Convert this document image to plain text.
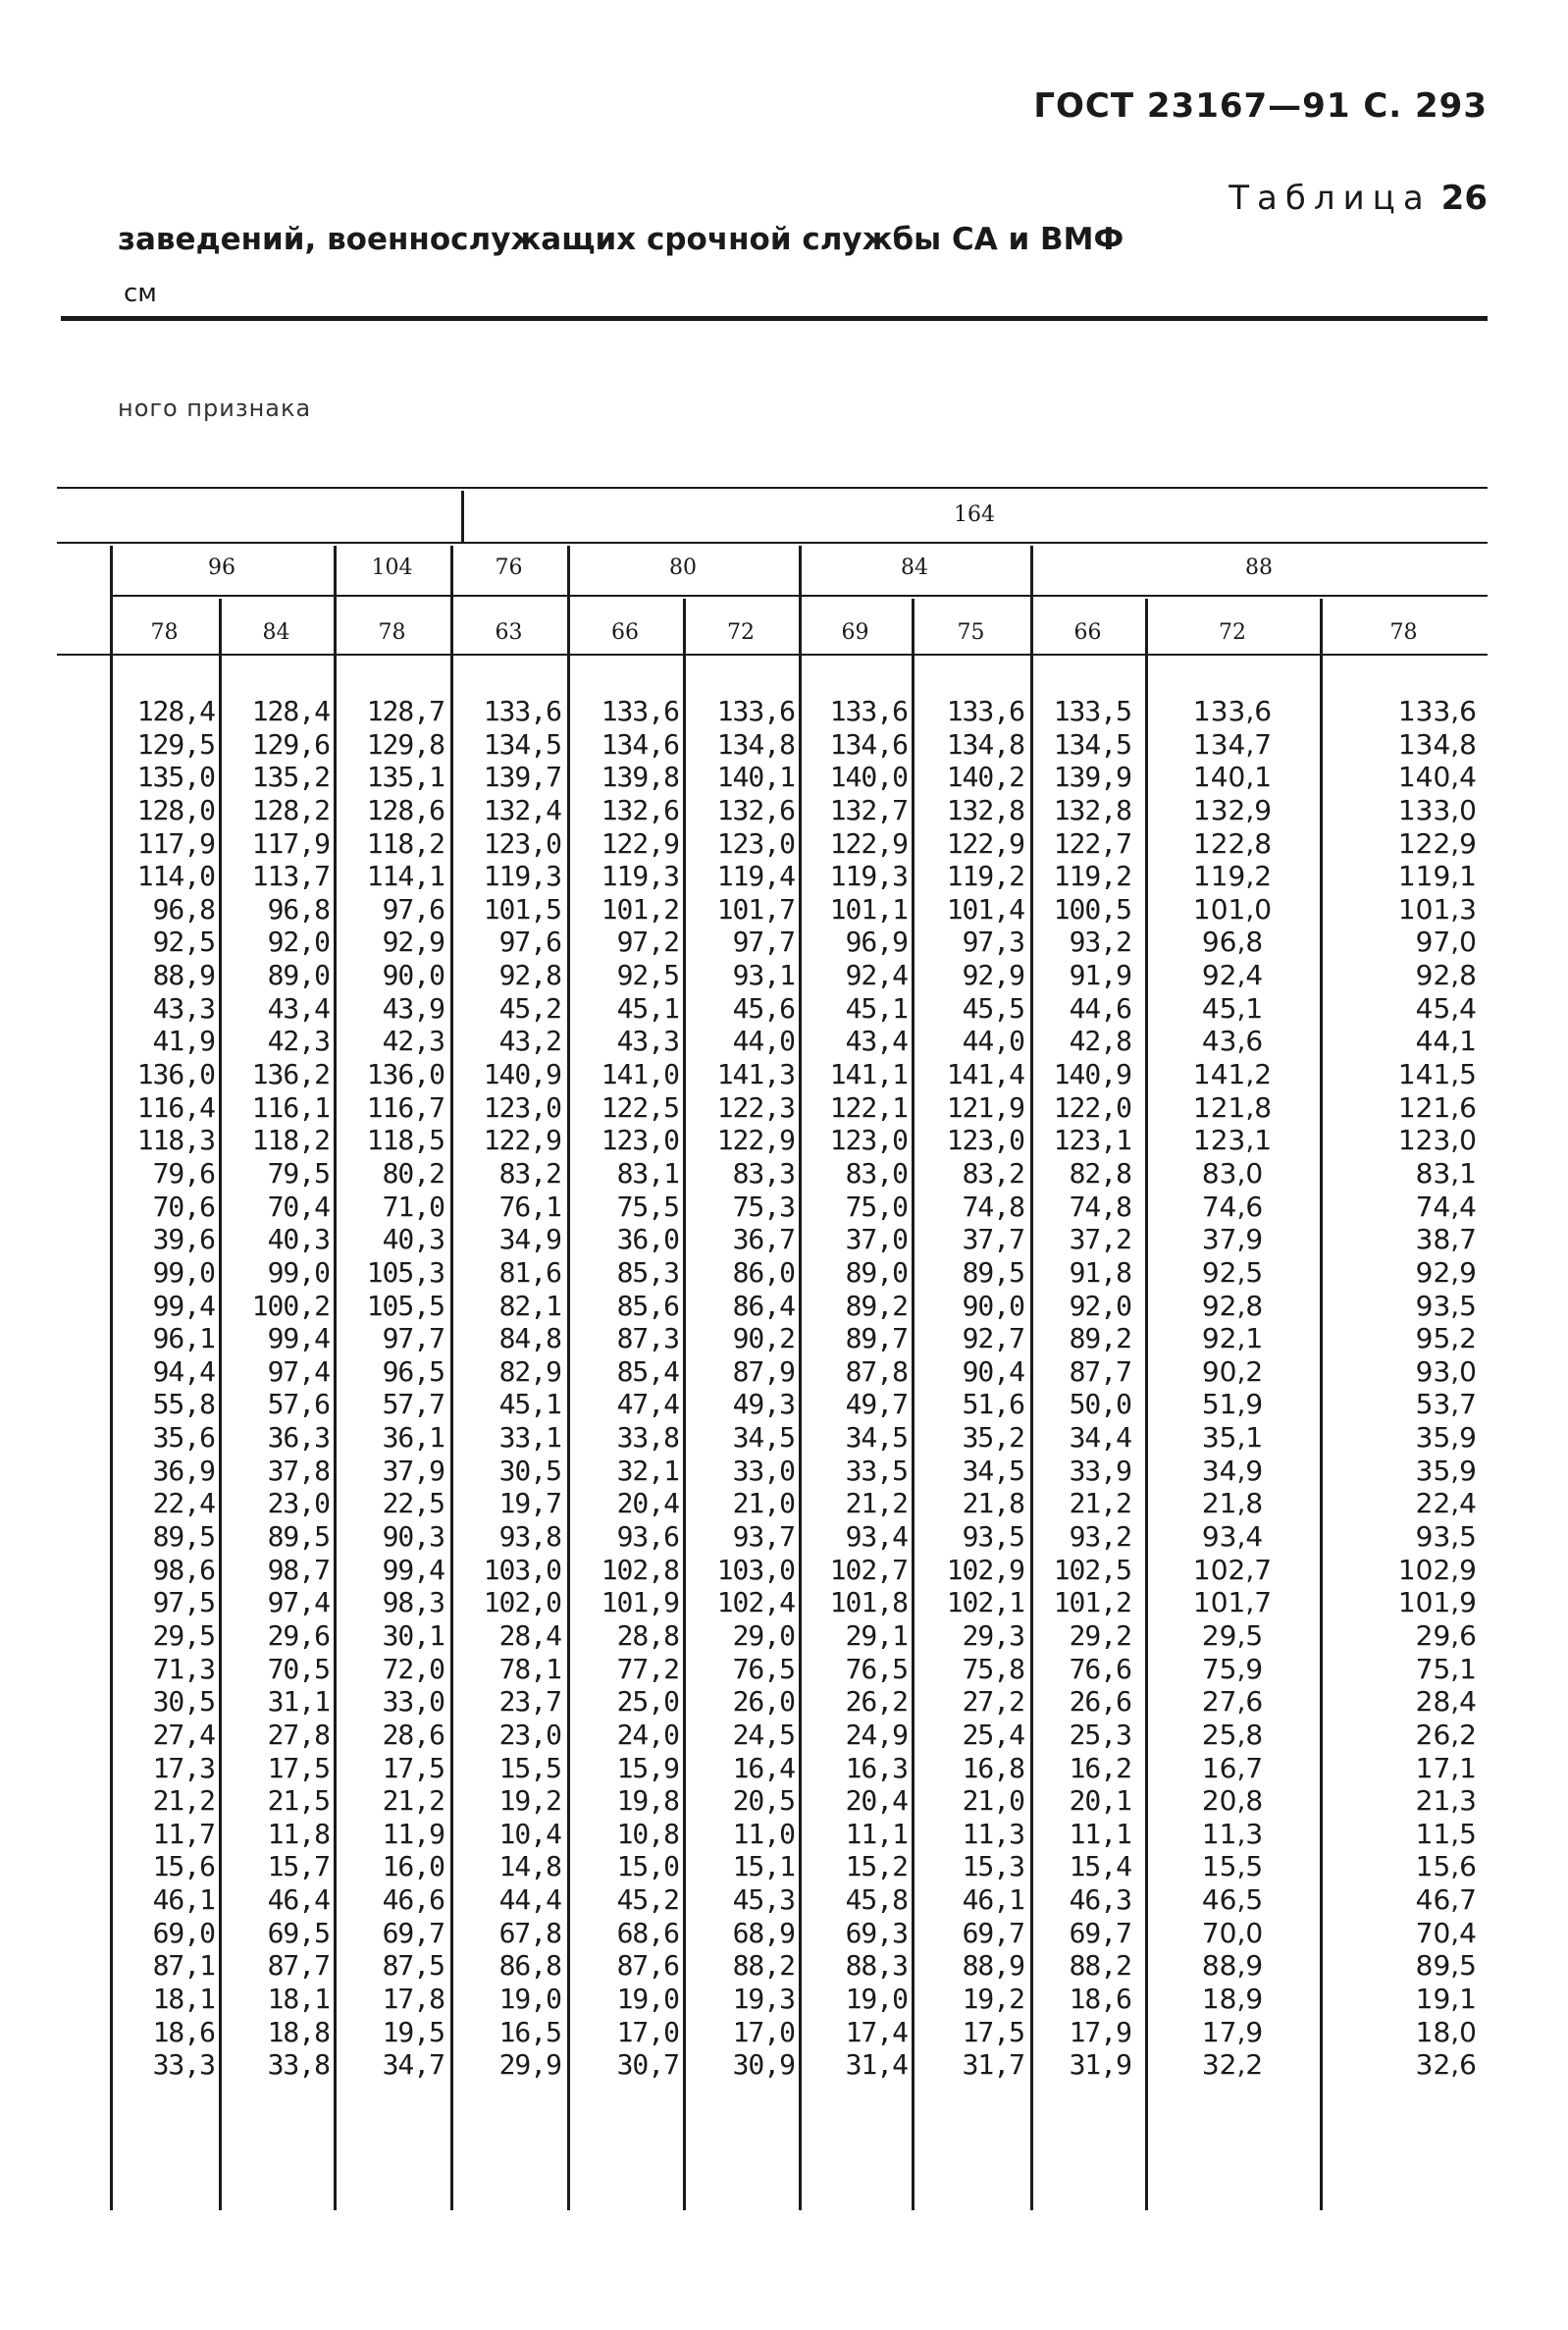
ГОСТ 23167—91 С. 293
Таблица 26
заведений, военнослужащих срочной службы СА и ВМФ
см
ного признака
164
96	104	76	80	84	88
78	84	78	63	66	72	69	75	66	72	78
128,4	128,4	128,7	133,6	133,6	133,6	133,6	133,6	133,5	133,6	133,6
129,5	129,6	129,8	134,5	134,6	134,8	134,6	134,8	134,5	134,7	134,8
135,0	135,2	135,1	139,7	139,8	140,1	140,0	140,2	139,9	140,1	140,4
128,0	128,2	128,6	132,4	132,6	132,6	132,7	132,8	132,8	132,9	133,0
117,9	117,9	118,2	123,0	122,9	123,0	122,9	122,9	122,7	122,8	122,9
114,0	113,7	114,1	119,3	119,3	119,4	119,3	119,2	119,2	119,2	119,1
96,8	96,8	97,6	101,5	101,2	101,7	101,1	101,4	100,5	101,0	101,3
92,5	92,0	92,9	97,6	97,2	97,7	96,9	97,3	93,2	96,8	97,0
88,9	89,0	90,0	92,8	92,5	93,1	92,4	92,9	91,9	92,4	92,8
43,3	43,4	43,9	45,2	45,1	45,6	45,1	45,5	44,6	45,1	45,4
41,9	42,3	42,3	43,2	43,3	44,0	43,4	44,0	42,8	43,6	44,1
136,0	136,2	136,0	140,9	141,0	141,3	141,1	141,4	140,9	141,2	141,5
116,4	116,1	116,7	123,0	122,5	122,3	122,1	121,9	122,0	121,8	121,6
118,3	118,2	118,5	122,9	123,0	122,9	123,0	123,0	123,1	123,1	123,0
79,6	79,5	80,2	83,2	83,1	83,3	83,0	83,2	82,8	83,0	83,1
70,6	70,4	71,0	76,1	75,5	75,3	75,0	74,8	74,8	74,6	74,4
39,6	40,3	40,3	34,9	36,0	36,7	37,0	37,7	37,2	37,9	38,7
99,0	99,0	105,3	81,6	85,3	86,0	89,0	89,5	91,8	92,5	92,9
99,4	100,2	105,5	82,1	85,6	86,4	89,2	90,0	92,0	92,8	93,5
96,1	99,4	97,7	84,8	87,3	90,2	89,7	92,7	89,2	92,1	95,2
94,4	97,4	96,5	82,9	85,4	87,9	87,8	90,4	87,7	90,2	93,0
55,8	57,6	57,7	45,1	47,4	49,3	49,7	51,6	50,0	51,9	53,7
35,6	36,3	36,1	33,1	33,8	34,5	34,5	35,2	34,4	35,1	35,9
36,9	37,8	37,9	30,5	32,1	33,0	33,5	34,5	33,9	34,9	35,9
22,4	23,0	22,5	19,7	20,4	21,0	21,2	21,8	21,2	21,8	22,4
89,5	89,5	90,3	93,8	93,6	93,7	93,4	93,5	93,2	93,4	93,5
98,6	98,7	99,4	103,0	102,8	103,0	102,7	102,9	102,5	102,7	102,9
97,5	97,4	98,3	102,0	101,9	102,4	101,8	102,1	101,2	101,7	101,9
29,5	29,6	30,1	28,4	28,8	29,0	29,1	29,3	29,2	29,5	29,6
71,3	70,5	72,0	78,1	77,2	76,5	76,5	75,8	76,6	75,9	75,1
30,5	31,1	33,0	23,7	25,0	26,0	26,2	27,2	26,6	27,6	28,4
27,4	27,8	28,6	23,0	24,0	24,5	24,9	25,4	25,3	25,8	26,2
17,3	17,5	17,5	15,5	15,9	16,4	16,3	16,8	16,2	16,7	17,1
21,2	21,5	21,2	19,2	19,8	20,5	20,4	21,0	20,1	20,8	21,3
11,7	11,8	11,9	10,4	10,8	11,0	11,1	11,3	11,1	11,3	11,5
15,6	15,7	16,0	14,8	15,0	15,1	15,2	15,3	15,4	15,5	15,6
46,1	46,4	46,6	44,4	45,2	45,3	45,8	46,1	46,3	46,5	46,7
69,0	69,5	69,7	67,8	68,6	68,9	69,3	69,7	69,7	70,0	70,4
87,1	87,7	87,5	86,8	87,6	88,2	88,3	88,9	88,2	88,9	89,5
18,1	18,1	17,8	19,0	19,0	19,3	19,0	19,2	18,6	18,9	19,1
18,6	18,8	19,5	16,5	17,0	17,0	17,4	17,5	17,9	17,9	18,0
33,3	33,8	34,7	29,9	30,7	30,9	31,4	31,7	31,9	32,2	32,6
